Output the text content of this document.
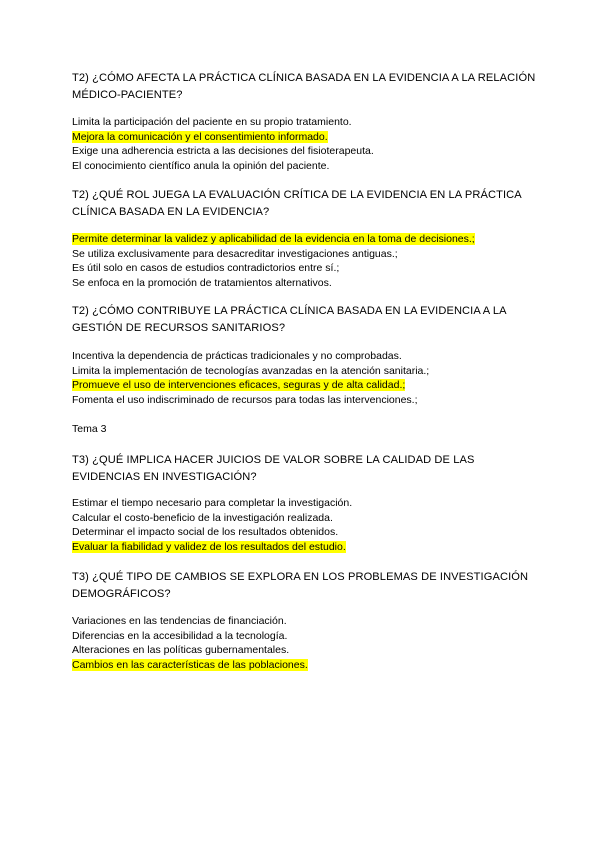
T2) ¿CÓMO AFECTA LA PRÁCTICA CLÍNICA BASADA EN LA EVIDENCIA A LA RELACIÓN MÉDICO-PACIENTE?

Limita la participación del paciente en su propio tratamiento.
Mejora la comunicación y el consentimiento informado.
Exige una adherencia estricta a las decisiones del fisioterapeuta.
El conocimiento científico anula la opinión del paciente.

T2) ¿QUÉ ROL JUEGA LA EVALUACIÓN CRÍTICA DE LA EVIDENCIA EN LA PRÁCTICA CLÍNICA BASADA EN LA EVIDENCIA?

Permite determinar la validez y aplicabilidad de la evidencia en la toma de decisiones.;
Se utiliza exclusivamente para desacreditar investigaciones antiguas.;
Es útil solo en casos de estudios contradictorios entre sí.;
Se enfoca en la promoción de tratamientos alternativos.

T2) ¿CÓMO CONTRIBUYE LA PRÁCTICA CLÍNICA BASADA EN LA EVIDENCIA A LA GESTIÓN DE RECURSOS SANITARIOS?

Incentiva la dependencia de prácticas tradicionales y no comprobadas.
Limita la implementación de tecnologías avanzadas en la atención sanitaria.;
Promueve el uso de intervenciones eficaces, seguras y de alta calidad.;
Fomenta el uso indiscriminado de recursos para todas las intervenciones.;

Tema 3

T3) ¿QUÉ IMPLICA HACER JUICIOS DE VALOR SOBRE LA CALIDAD DE LAS EVIDENCIAS EN INVESTIGACIÓN?

Estimar el tiempo necesario para completar la investigación.
Calcular el costo-beneficio de la investigación realizada.
Determinar el impacto social de los resultados obtenidos.
Evaluar la fiabilidad y validez de los resultados del estudio.

T3) ¿QUÉ TIPO DE CAMBIOS SE EXPLORA EN LOS PROBLEMAS DE INVESTIGACIÓN DEMOGRÁFICOS?

Variaciones en las tendencias de financiación.
Diferencias en la accesibilidad a la tecnología.
Alteraciones en las políticas gubernamentales.
Cambios en las características de las poblaciones.
